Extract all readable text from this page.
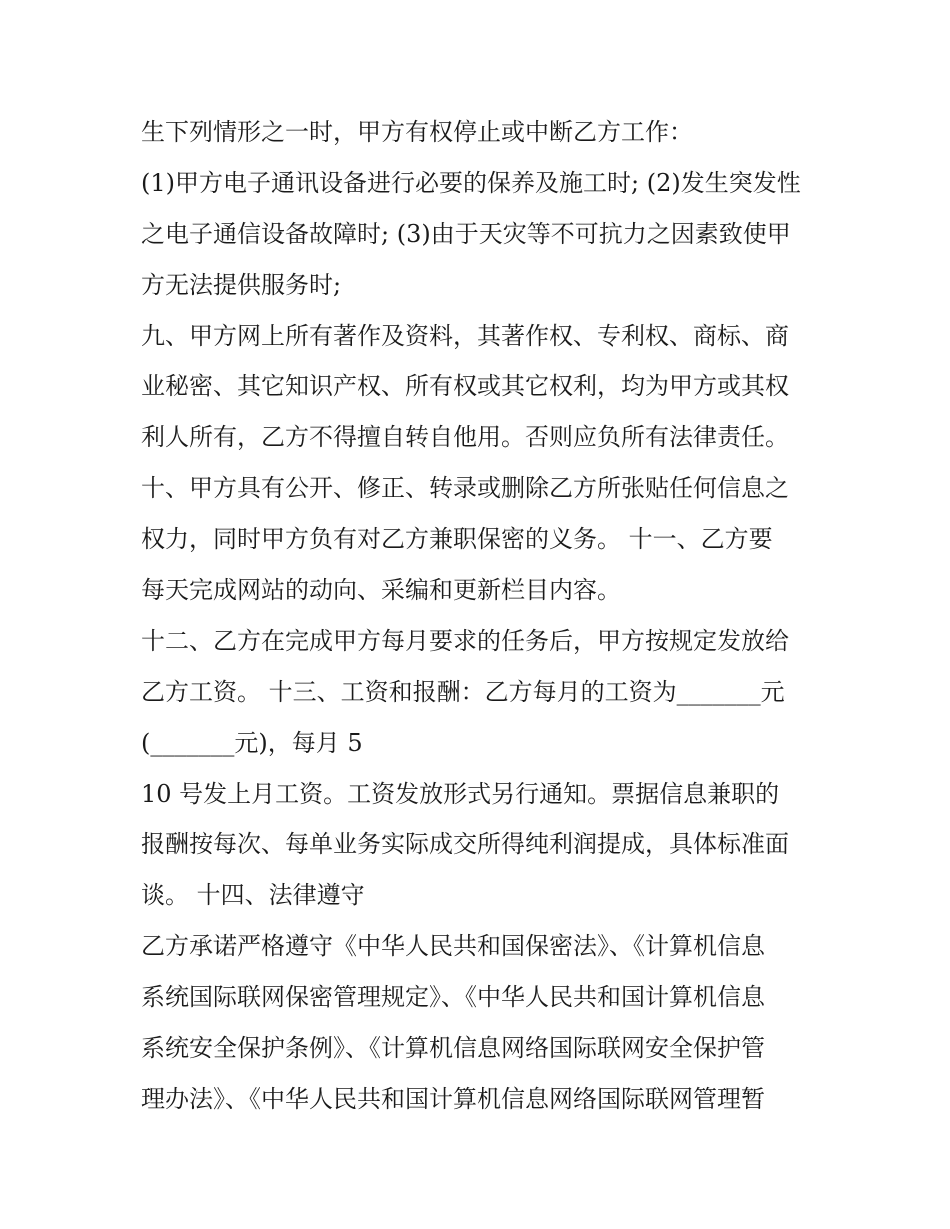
生下列情形之一时，甲方有权停止或中断乙方工作：
(1)甲方电子通讯设备进行必要的保养及施工时; (2)发生突发性
之电子通信设备故障时; (3)由于天灾等不可抗力之因素致使甲
方无法提供服务时;
九、甲方网上所有著作及资料，其著作权、专利权、商标、商
业秘密、其它知识产权、所有权或其它权利，均为甲方或其权
利人所有，乙方不得擅自转自他用。否则应负所有法律责任。
十、甲方具有公开、修正、转录或删除乙方所张贴任何信息之
权力，同时甲方负有对乙方兼职保密的义务。 十一、乙方要
每天完成网站的动向、采编和更新栏目内容。
十二、乙方在完成甲方每月要求的任务后，甲方按规定发放给
乙方工资。 十三、工资和报酬：乙方每月的工资为_______元
(_______元)，每月 5
10 号发上月工资。工资发放形式另行通知。票据信息兼职的
报酬按每次、每单业务实际成交所得纯利润提成，具体标准面
谈。 十四、法律遵守
乙方承诺严格遵守《中华人民共和国保密法》、《计算机信息
系统国际联网保密管理规定》、《中华人民共和国计算机信息
系统安全保护条例》、《计算机信息网络国际联网安全保护管
理办法》、《中华人民共和国计算机信息网络国际联网管理暂
